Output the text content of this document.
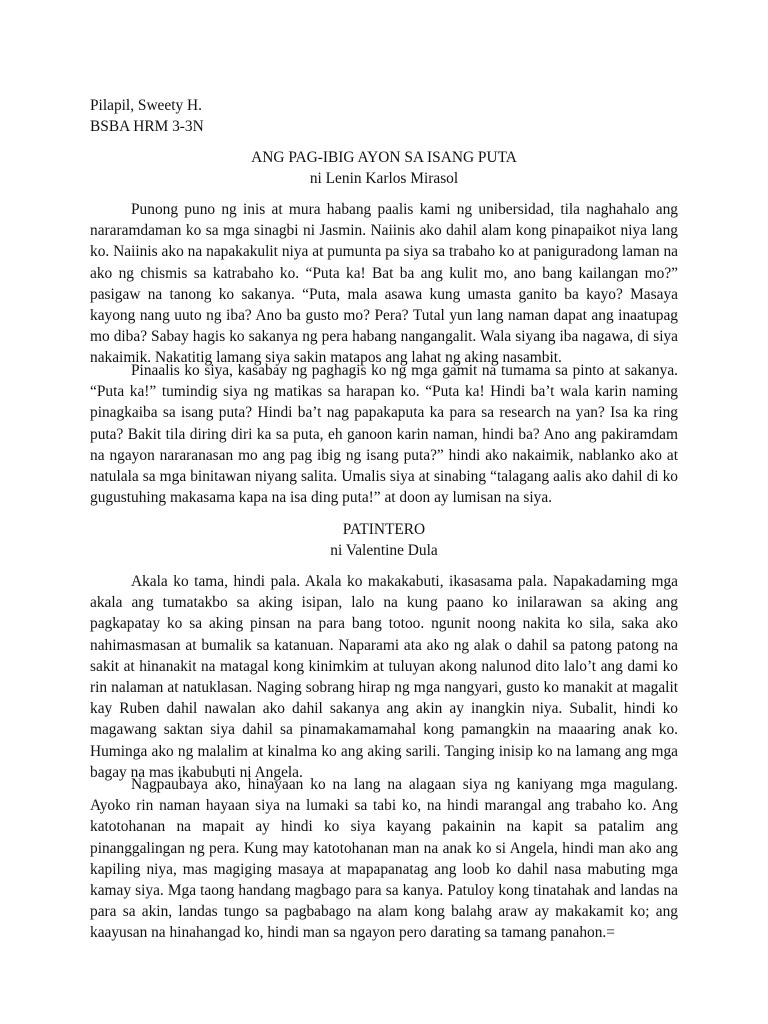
Pilapil, Sweety H.
BSBA HRM 3-3N
ANG PAG-IBIG AYON SA ISANG PUTA
ni Lenin Karlos Mirasol

Punong puno ng inis at mura habang paalis kami ng unibersidad, tila naghahalo ang nararamdaman ko sa mga sinagbi ni Jasmin. Naiinis ako dahil alam kong pinapaikot niya lang ko. Naiinis ako na napakakulit niya at pumunta pa siya sa trabaho ko at paniguradong laman na ako ng chismis sa katrabaho ko. “Puta ka! Bat ba ang kulit mo, ano bang kailangan mo?” pasigaw na tanong ko sakanya. “Puta, mala asawa kung umasta ganito ba kayo? Masaya kayong nang uuto ng iba? Ano ba gusto mo? Pera? Tutal yun lang naman dapat ang inaatupag mo diba? Sabay hagis ko sakanya ng pera habang nangangalit. Wala siyang iba nagawa, di siya nakaimik. Nakatitig lamang siya sakin matapos ang lahat ng aking nasambit.

Pinaalis ko siya, kasabay ng paghagis ko ng mga gamit na tumama sa pinto at sakanya. “Puta ka!” tumindig siya ng matikas sa harapan ko. “Puta ka! Hindi ba’t wala karin naming pinagkaiba sa isang puta? Hindi ba’t nag papakaputa ka para sa research na yan? Isa ka ring puta? Bakit tila diring diri ka sa puta, eh ganoon karin naman, hindi ba? Ano ang pakiramdam na ngayon nararanasan mo ang pag ibig ng isang puta?” hindi ako nakaimik, nablanko ako at natulala sa mga binitawan niyang salita. Umalis siya at sinabing “talagang aalis ako dahil di ko gugustuhing makasama kapa na isa ding puta!” at doon ay lumisan na siya.

PATINTERO
ni Valentine Dula

Akala ko tama, hindi pala. Akala ko makakabuti, ikasasama pala. Napakadaming mga akala ang tumatakbo sa aking isipan, lalo na kung paano ko inilarawan sa aking ang pagkapatay ko sa aking pinsan na para bang totoo. ngunit noong nakita ko sila, saka ako nahimasmasan at bumalik sa katanuan. Naparami ata ako ng alak o dahil sa patong patong na sakit at hinanakit na matagal kong kinimkim at tuluyan akong nalunod dito lalo’t ang dami ko rin nalaman at natuklasan. Naging sobrang hirap ng mga nangyari, gusto ko manakit at magalit kay Ruben dahil nawalan ako dahil sakanya ang akin ay inangkin niya. Subalit, hindi ko magawang saktan siya dahil sa pinamakamamahal kong pamangkin na maaaring anak ko. Huminga ako ng malalim at kinalma ko ang aking sarili. Tanging inisip ko na lamang ang mga bagay na mas ikabubuti ni Angela.

Nagpaubaya ako, hinayaan ko na lang na alagaan siya ng kaniyang mga magulang. Ayoko rin naman hayaan siya na lumaki sa tabi ko, na hindi marangal ang trabaho ko. Ang katotohanan na mapait ay hindi ko siya kayang pakainin na kapit sa patalim ang pinanggalingan ng pera. Kung may katotohanan man na anak ko si Angela, hindi man ako ang kapiling niya, mas magiging masaya at mapapanatag ang loob ko dahil nasa mabuting mga kamay siya. Mga taong handang magbago para sa kanya. Patuloy kong tinatahak and landas na para sa akin, landas tungo sa pagbabago na alam kong balahg araw ay makakamit ko; ang kaayusan na hinahangad ko, hindi man sa ngayon pero darating sa tamang panahon.=
